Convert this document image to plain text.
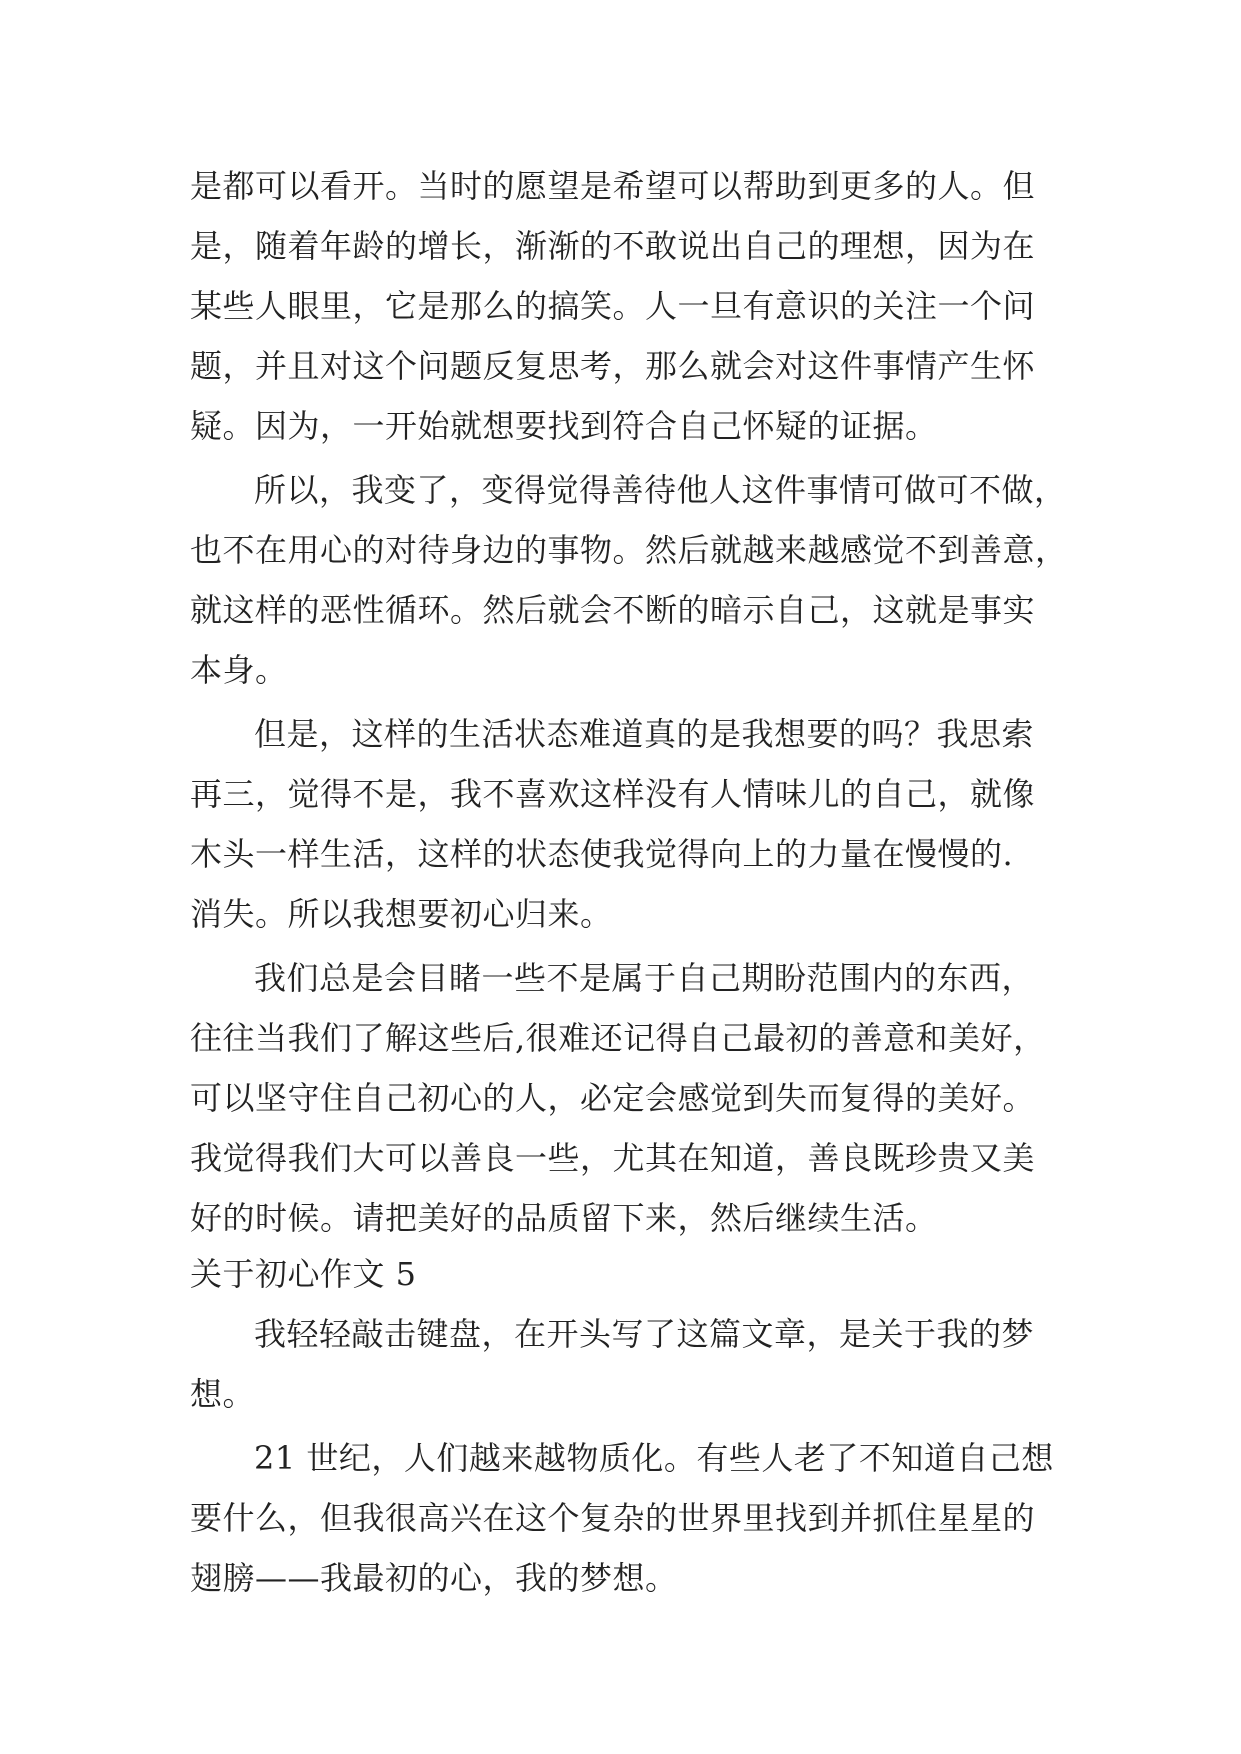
是都可以看开。当时的愿望是希望可以帮助到更多的人。但
是，随着年龄的增长，渐渐的不敢说出自己的理想，因为在
某些人眼里，它是那么的搞笑。人一旦有意识的关注一个问
题，并且对这个问题反复思考，那么就会对这件事情产生怀
疑。因为，一开始就想要找到符合自己怀疑的证据。
所以，我变了，变得觉得善待他人这件事情可做可不做，
也不在用心的对待身边的事物。然后就越来越感觉不到善意，
就这样的恶性循环。然后就会不断的暗示自己，这就是事实
本身。
但是，这样的生活状态难道真的是我想要的吗？我思索
再三，觉得不是，我不喜欢这样没有人情味儿的自己，就像
木头一样生活，这样的状态使我觉得向上的力量在慢慢的.
消失。所以我想要初心归来。
我们总是会目睹一些不是属于自己期盼范围内的东西，
往往当我们了解这些后,很难还记得自己最初的善意和美好，
可以坚守住自己初心的人，必定会感觉到失而复得的美好。
我觉得我们大可以善良一些，尤其在知道，善良既珍贵又美
好的时候。请把美好的品质留下来，然后继续生活。
关于初心作文 5
我轻轻敲击键盘，在开头写了这篇文章，是关于我的梦
想。
21 世纪，人们越来越物质化。有些人老了不知道自己想
要什么，但我很高兴在这个复杂的世界里找到并抓住星星的
翅膀——我最初的心，我的梦想。
